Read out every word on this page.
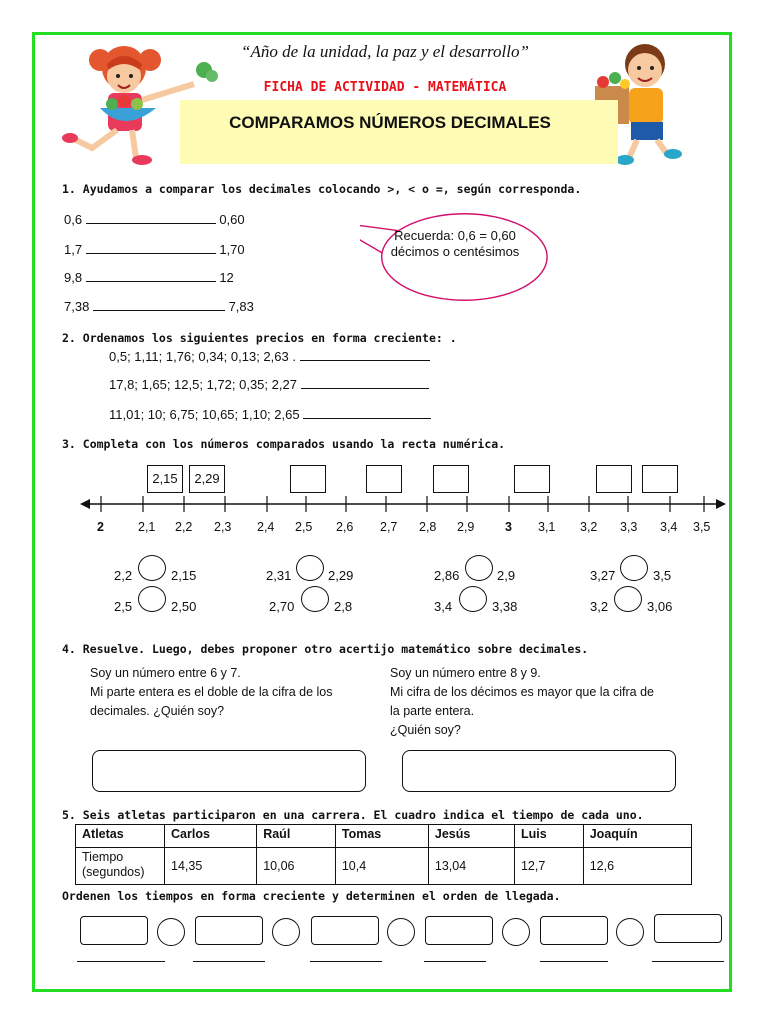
“Año de la unidad, la paz y el desarrollo”
FICHA DE ACTIVIDAD - MATEMÁTICA
COMPARAMOS NÚMEROS DECIMALES
1. Ayudamos a comparar los decimales colocando >, < o =, según corresponda.
0,6	0,60
1,7	1,70
9,8	12
7,38	7,83
Recuerda: 0,6 = 0,60 décimos o centésimos
2. Ordenamos los siguientes precios en forma creciente: .
0,5; 1,11; 1,76; 0,34; 0,13; 2,63 .
17,8; 1,65; 12,5; 1,72; 0,35; 2,27
11,01; 10; 6,75; 10,65; 1,10; 2,65
3. Completa con los números comparados usando la recta numérica.
2,15	2,29
2	2,1 2,2 2,3 2,4 2,5 2,6 2,7 2,8 2,9 3 3,1 3,2 3,3 3,4 3,5
2,2	2,15	2,31	2,29	2,86	2,9	3,27	3,5
2,5	2,50	2,70	2,8	3,4	3,38	3,2	3,06
4. Resuelve. Luego, debes proponer otro acertijo matemático sobre decimales.
Soy un número entre 6 y 7.
Mi parte entera es el doble de la cifra de los
decimales. ¿Quién soy?
Soy un número entre 8 y 9.
Mi cifra de los décimos es mayor que la cifra de
la parte entera.
¿Quién soy?
5. Seis atletas participaron en una carrera. El cuadro indica el tiempo de cada uno.
Atletas	Carlos	Raúl	Tomas	Jesús	Luis	Joaquín
Tiempo (segundos)	14,35	10,06	10,4	13,04	12,7	12,6
Ordenen los tiempos en forma creciente y determinen el orden de llegada.
